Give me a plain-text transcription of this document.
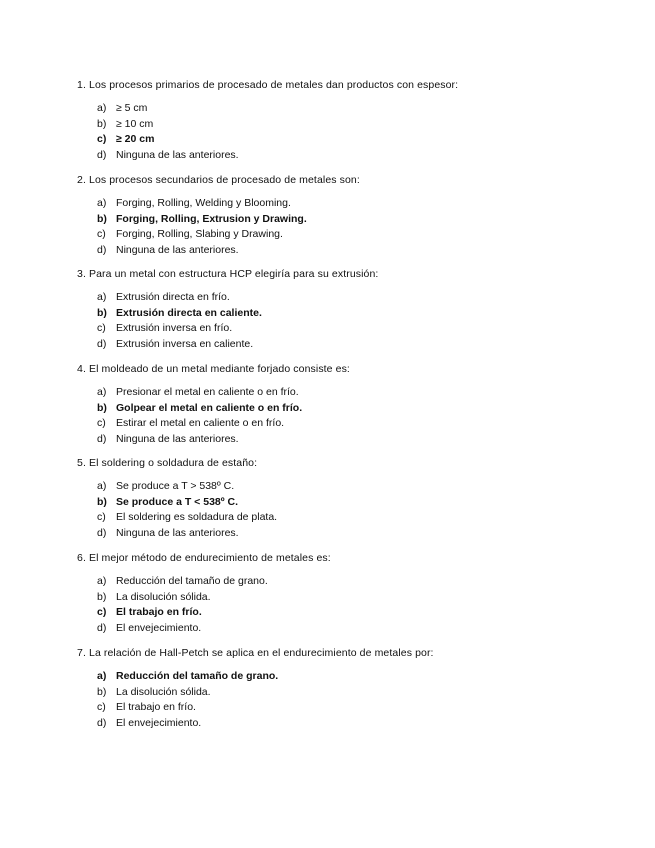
1. Los procesos primarios de procesado de metales dan productos con espesor:
a) ≥ 5 cm
b) ≥ 10 cm
c) ≥ 20 cm
d) Ninguna de las anteriores.
2. Los procesos secundarios de procesado de metales son:
a) Forging, Rolling, Welding y Blooming.
b) Forging, Rolling, Extrusion y Drawing.
c) Forging, Rolling, Slabing y Drawing.
d) Ninguna de las anteriores.
3. Para un metal con estructura HCP elegiría para su extrusión:
a) Extrusión directa en frío.
b) Extrusión directa en caliente.
c) Extrusión inversa en frío.
d) Extrusión inversa en caliente.
4. El moldeado de un metal mediante forjado consiste es:
a) Presionar el metal en caliente o en frío.
b) Golpear el metal en caliente o en frío.
c) Estirar el metal en caliente o en frío.
d) Ninguna de las anteriores.
5. El soldering o soldadura de estaño:
a) Se produce a T > 538º C.
b) Se produce a T < 538º C.
c) El soldering es soldadura de plata.
d) Ninguna de las anteriores.
6. El mejor método de endurecimiento de metales es:
a) Reducción del tamaño de grano.
b) La disolución sólida.
c) El trabajo en frío.
d) El envejecimiento.
7. La relación de Hall-Petch se aplica en el endurecimiento de metales por:
a) Reducción del tamaño de grano.
b) La disolución sólida.
c) El trabajo en frío.
d) El envejecimiento.
